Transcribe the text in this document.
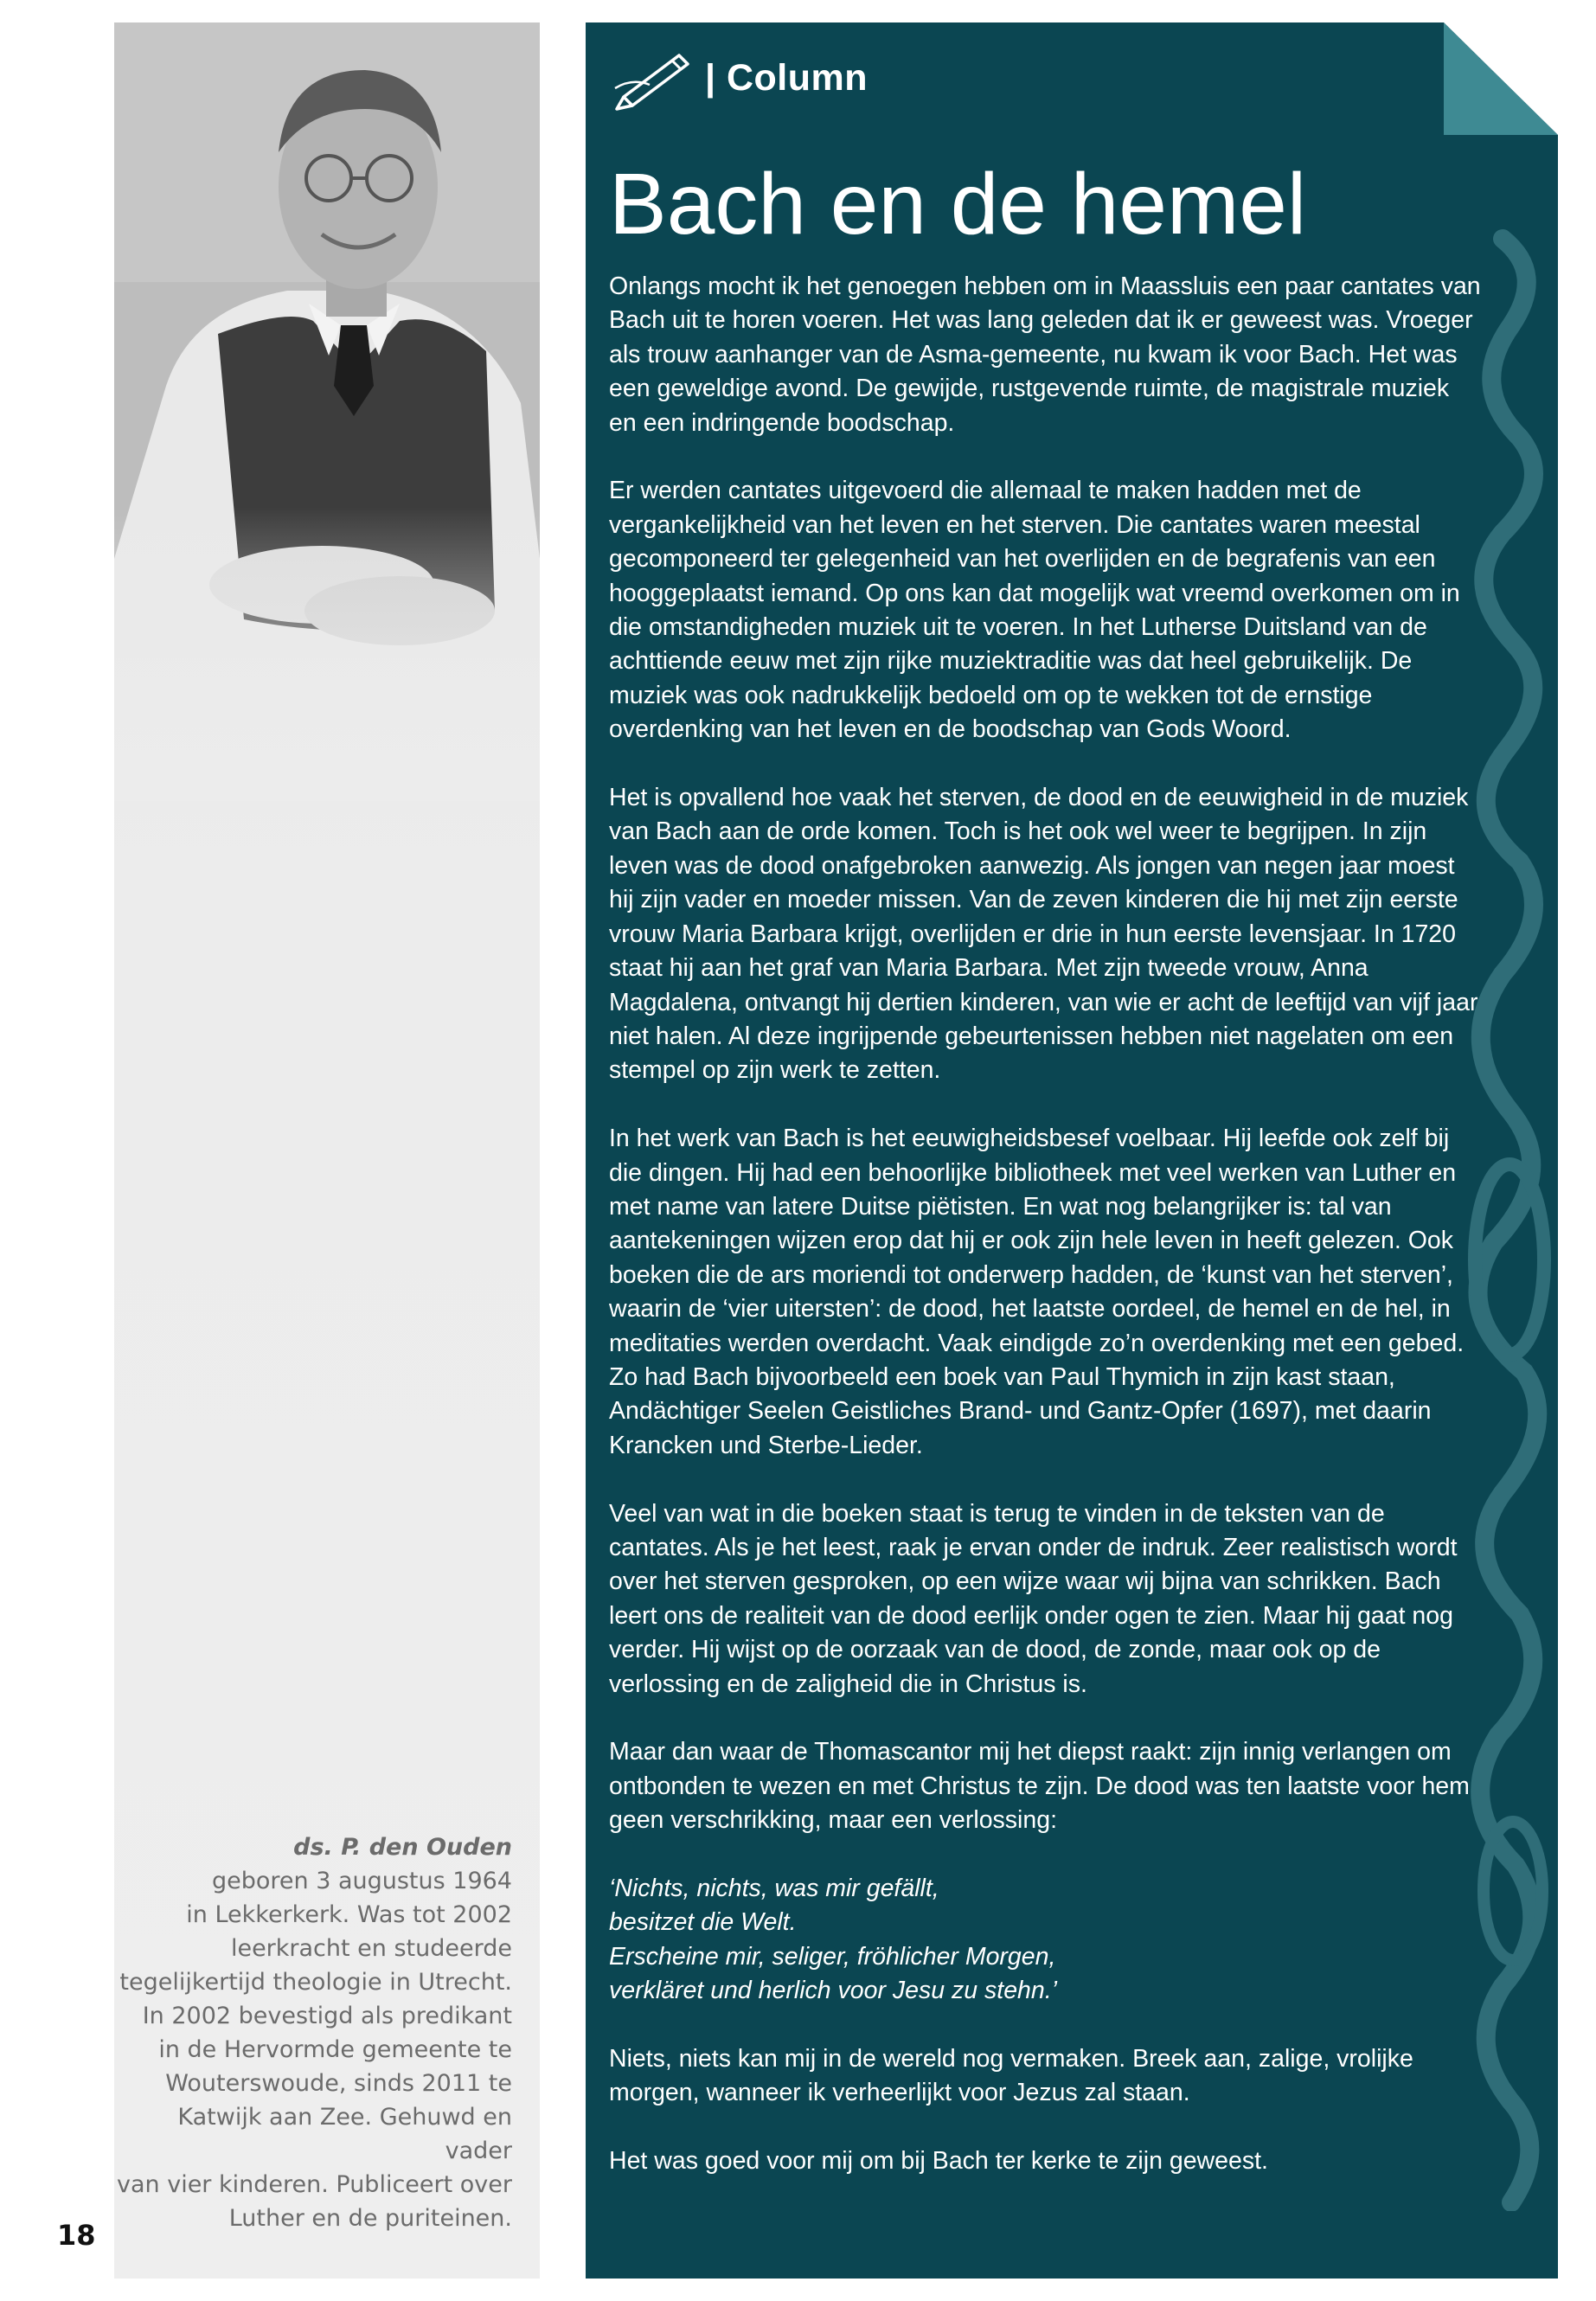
ds. P. den Ouden
geboren 3 augustus 1964
in Lekkerkerk. Was tot 2002
leerkracht en studeerde
tegelijkertijd theologie in Utrecht.
In 2002 bevestigd als predikant
in de Hervormde gemeente te
Wouterswoude, sinds 2011 te
Katwijk aan Zee. Gehuwd en vader
van vier kinderen. Publiceert over
Luther en de puriteinen.
18
| Column
Bach en de hemel

Onlangs mocht ik het genoegen hebben om in Maassluis een paar cantates van Bach uit te horen voeren. Het was lang geleden dat ik er geweest was. Vroeger als trouw aanhanger van de Asma-gemeente, nu kwam ik voor Bach. Het was een geweldige avond. De gewijde, rustgevende ruimte, de magistrale muziek en een indringende boodschap.

Er werden cantates uitgevoerd die allemaal te maken hadden met de vergankelijkheid van het leven en het sterven. Die cantates waren meestal gecomponeerd ter gelegenheid van het overlijden en de begrafenis van een hooggeplaatst iemand. Op ons kan dat mogelijk wat vreemd overkomen om in die omstandigheden muziek uit te voeren. In het Lutherse Duitsland van de achttiende eeuw met zijn rijke muziektraditie was dat heel gebruikelijk. De muziek was ook nadrukkelijk bedoeld om op te wekken tot de ernstige overdenking van het leven en de boodschap van Gods Woord.

Het is opvallend hoe vaak het sterven, de dood en de eeuwigheid in de muziek van Bach aan de orde komen. Toch is het ook wel weer te begrijpen. In zijn leven was de dood onafgebroken aanwezig. Als jongen van negen jaar moest hij zijn vader en moeder missen. Van de zeven kinderen die hij met zijn eerste vrouw Maria Barbara krijgt, overlijden er drie in hun eerste levensjaar. In 1720 staat hij aan het graf van Maria Barbara. Met zijn tweede vrouw, Anna Magdalena, ontvangt hij dertien kinderen, van wie er acht de leeftijd van vijf jaar niet halen. Al deze ingrijpende gebeurtenissen hebben niet nagelaten om een stempel op zijn werk te zetten.

In het werk van Bach is het eeuwigheidsbesef voelbaar. Hij leefde ook zelf bij die dingen. Hij had een behoorlijke bibliotheek met veel werken van Luther en met name van latere Duitse piëtisten. En wat nog belangrijker is: tal van aantekeningen wijzen erop dat hij er ook zijn hele leven in heeft gelezen. Ook boeken die de ars moriendi tot onderwerp hadden, de ‘kunst van het sterven’, waarin de ‘vier uitersten’: de dood, het laatste oordeel, de hemel en de hel, in meditaties werden overdacht. Vaak eindigde zo’n overdenking met een gebed. Zo had Bach bijvoorbeeld een boek van Paul Thymich in zijn kast staan, Andächtiger Seelen Geistliches Brand- und Gantz-Opfer (1697), met daarin Krancken und Sterbe-Lieder.

Veel van wat in die boeken staat is terug te vinden in de teksten van de cantates. Als je het leest, raak je ervan onder de indruk. Zeer realistisch wordt over het sterven gesproken, op een wijze waar wij bijna van schrikken. Bach leert ons de realiteit van de dood eerlijk onder ogen te zien. Maar hij gaat nog verder. Hij wijst op de oorzaak van de dood, de zonde, maar ook op de verlossing en de zaligheid die in Christus is.

Maar dan waar de Thomascantor mij het diepst raakt: zijn innig verlangen om ontbonden te wezen en met Christus te zijn. De dood was ten laatste voor hem geen verschrikking, maar een verlossing:

‘Nichts, nichts, was mir gefällt,
besitzet die Welt.
Erscheine mir, seliger, fröhlicher Morgen,
verkläret und herlich voor Jesu zu stehn.’

Niets, niets kan mij in de wereld nog vermaken. Breek aan, zalige, vrolijke morgen, wanneer ik verheerlijkt voor Jezus zal staan.

Het was goed voor mij om bij Bach ter kerke te zijn geweest.
